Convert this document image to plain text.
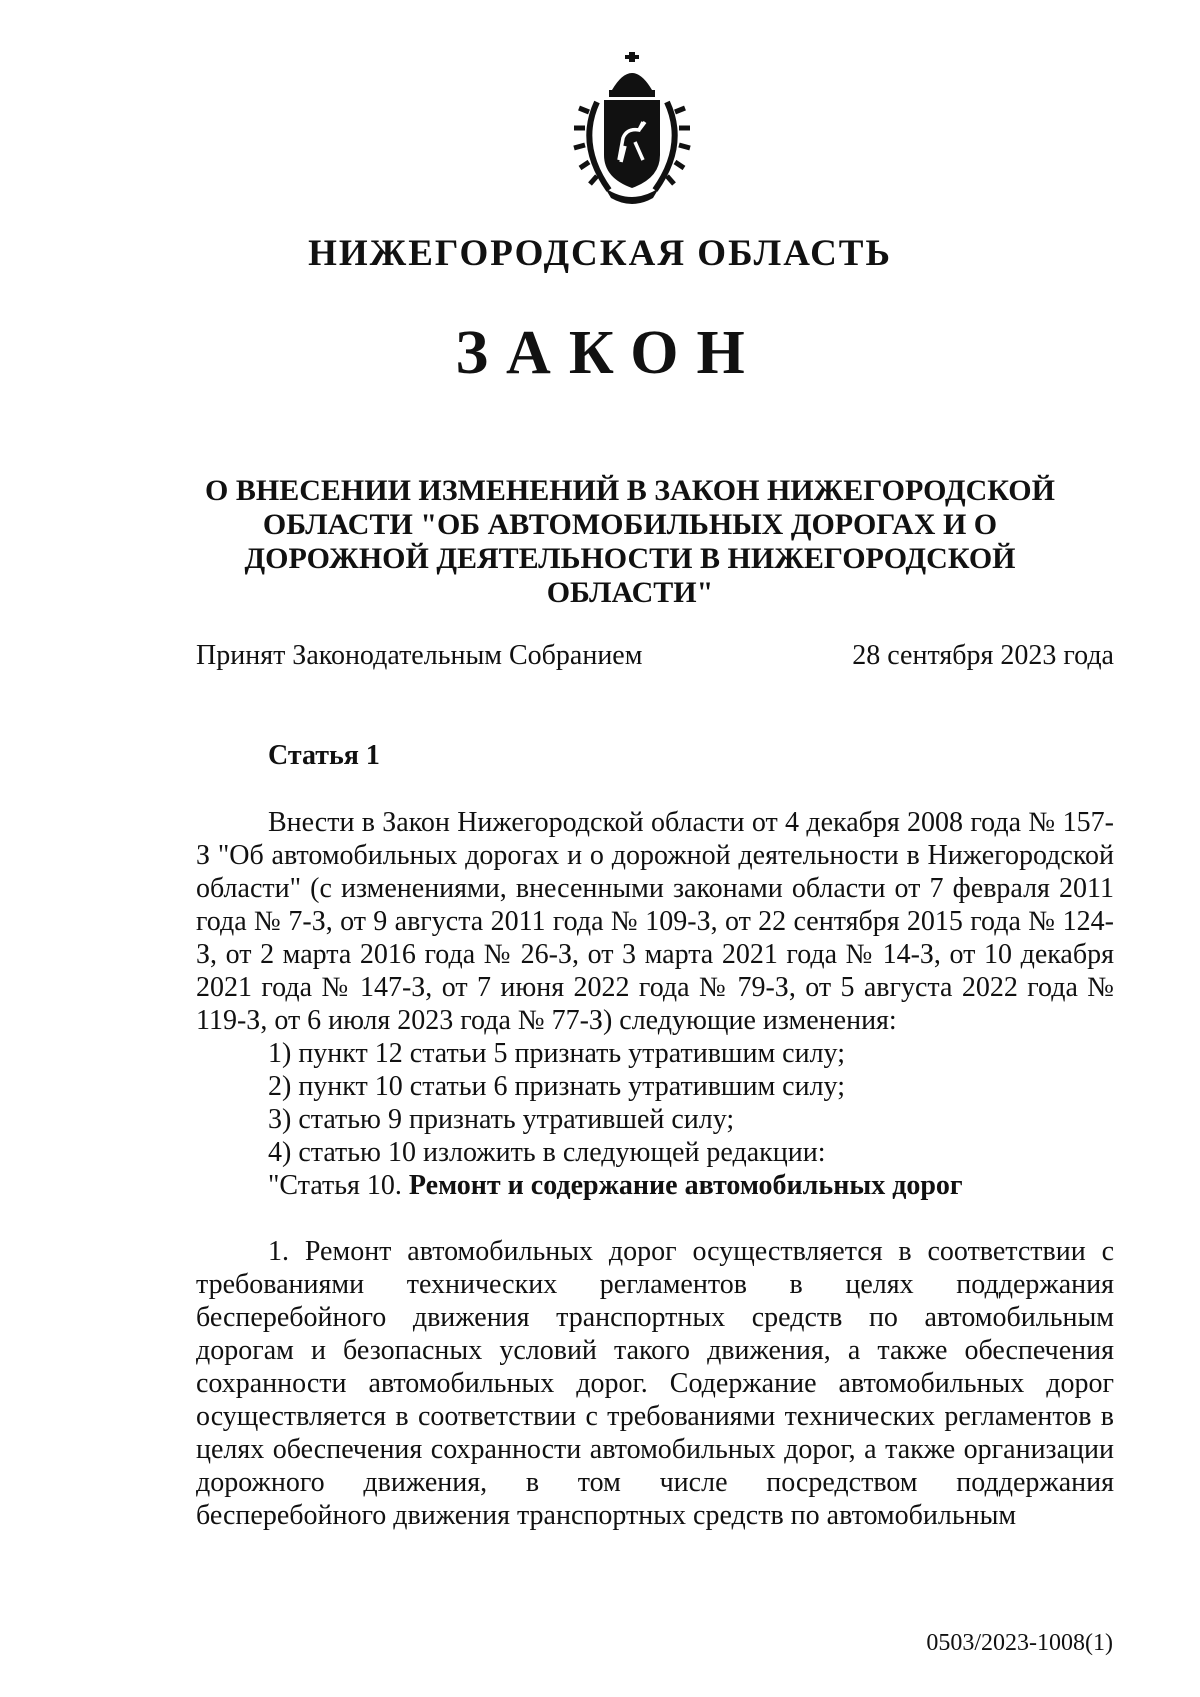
НИЖЕГОРОДСКАЯ ОБЛАСТЬ
ЗАКОН
О ВНЕСЕНИИ ИЗМЕНЕНИЙ В ЗАКОН НИЖЕГОРОДСКОЙ ОБЛАСТИ "ОБ АВТОМОБИЛЬНЫХ ДОРОГАХ И О ДОРОЖНОЙ ДЕЯТЕЛЬНОСТИ В НИЖЕГОРОДСКОЙ ОБЛАСТИ"
Принят Законодательным Собранием	28 сентября 2023 года
Статья 1

Внести в Закон Нижегородской области от 4 декабря 2008 года № 157-З "Об автомобильных дорогах и о дорожной деятельности в Нижегородской области" (с изменениями, внесенными законами области от 7 февраля 2011 года № 7-З, от 9 августа 2011 года № 109-З, от 22 сентября 2015 года № 124-З, от 2 марта 2016 года № 26-З, от 3 марта 2021 года № 14-З, от 10 декабря 2021 года № 147-З, от 7 июня 2022 года № 79-З, от 5 августа 2022 года № 119-З, от 6 июля 2023 года № 77-З) следующие изменения:

1) пункт 12 статьи 5 признать утратившим силу;

2) пункт 10 статьи 6 признать утратившим силу;

3) статью 9 признать утратившей силу;

4) статью 10 изложить в следующей редакции:

"Статья 10. Ремонт и содержание автомобильных дорог

1. Ремонт автомобильных дорог осуществляется в соответствии с требованиями технических регламентов в целях поддержания бесперебойного движения транспортных средств по автомобильным дорогам и безопасных условий такого движения, а также обеспечения сохранности автомобильных дорог. Содержание автомобильных дорог осуществляется в соответствии с требованиями технических регламентов в целях обеспечения сохранности автомобильных дорог, а также организации дорожного движения, в том числе посредством поддержания бесперебойного движения транспортных средств по автомобильным

0503/2023-1008(1)
